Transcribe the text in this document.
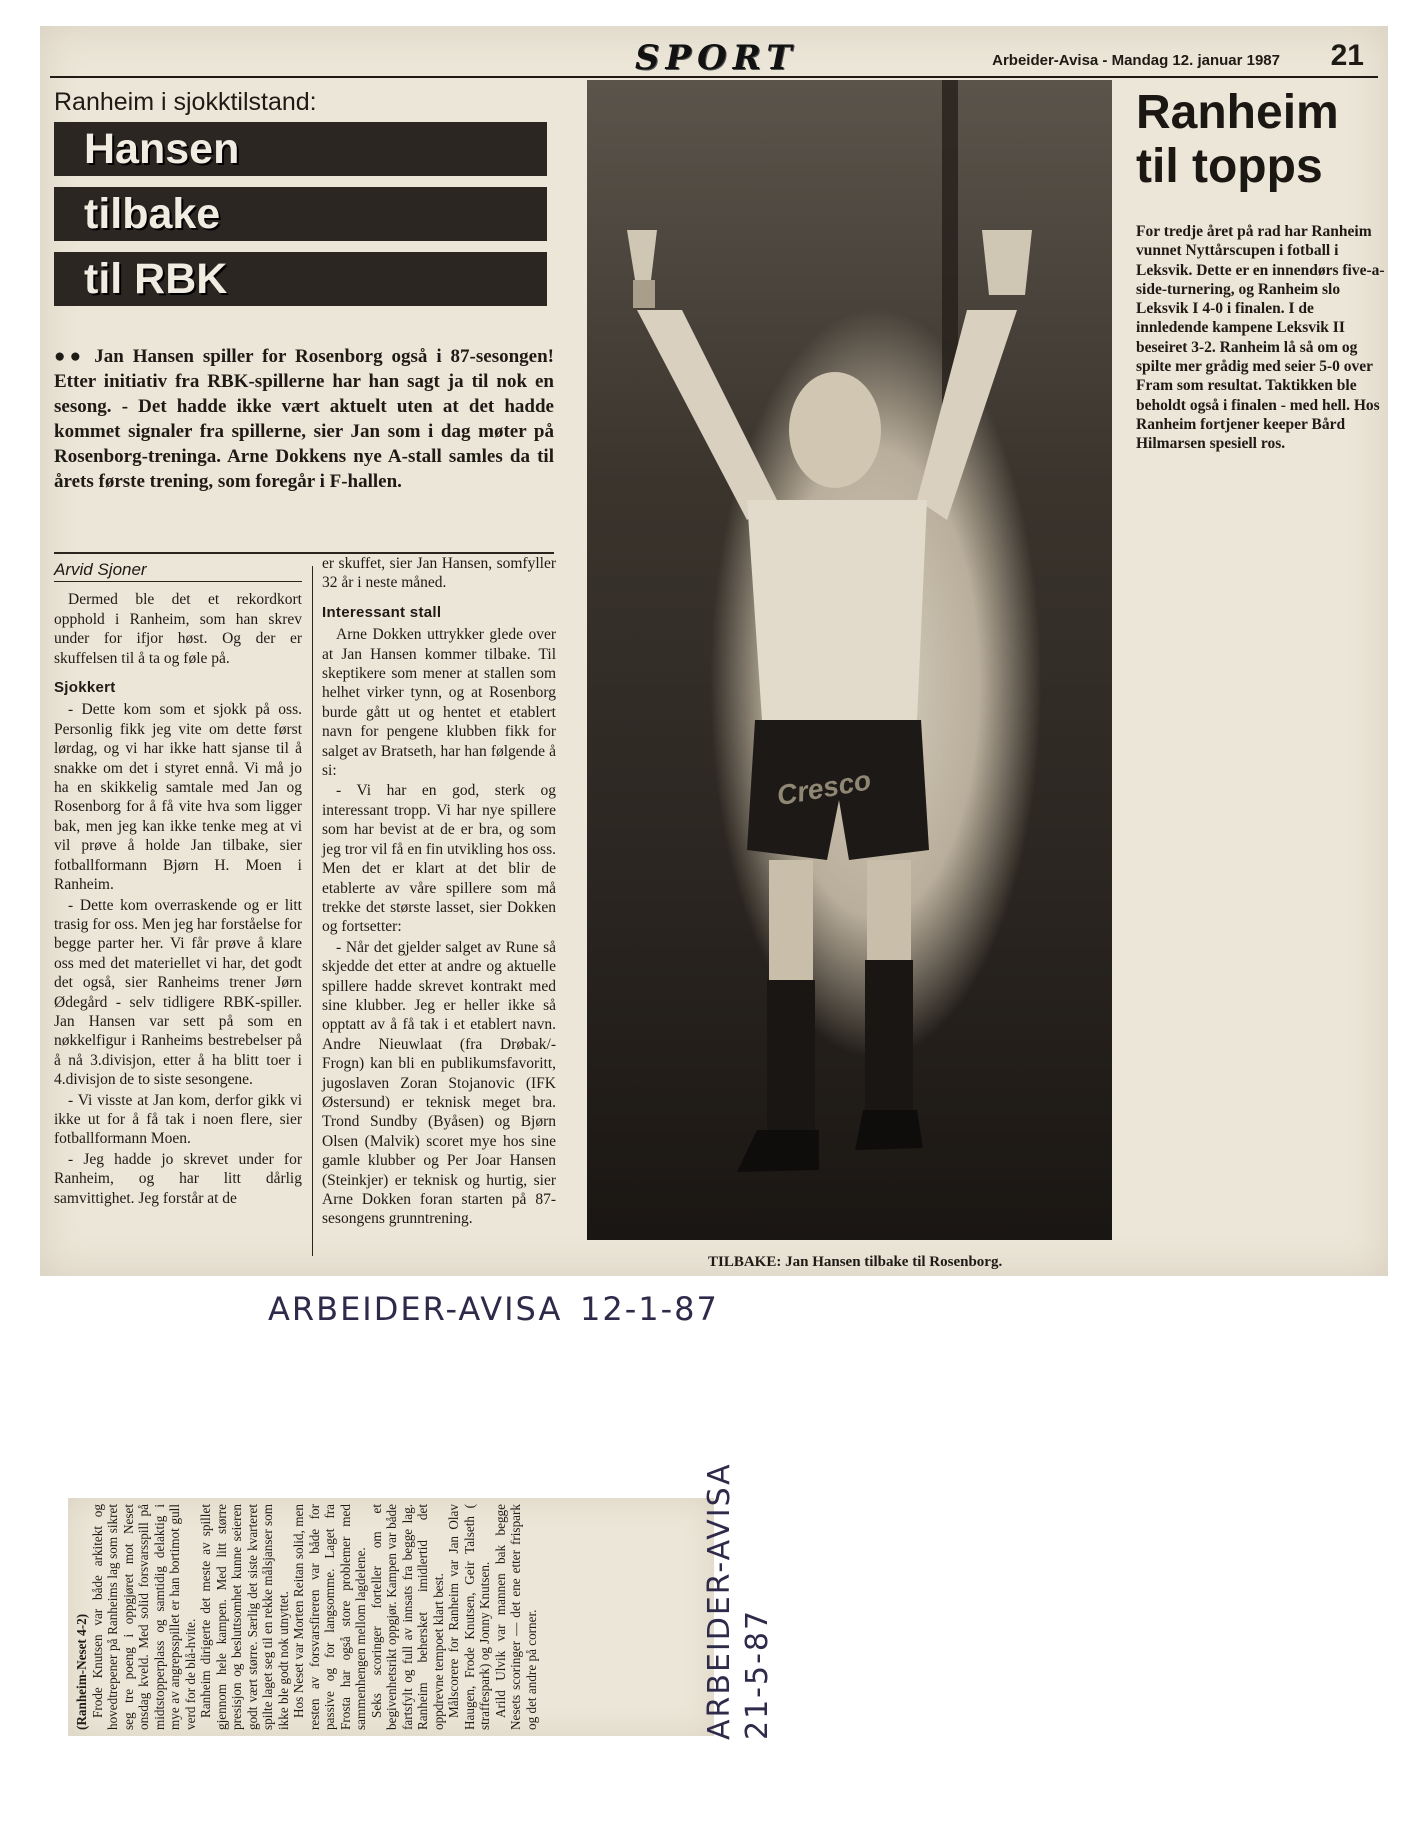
SPORT	Arbeider-Avisa - Mandag 12. januar 1987 21
Ranheim i sjokktilstand:
Hansen
tilbake
til RBK
●● Jan Hansen spiller for Rosenborg også i 87-sesongen! Etter initiativ fra RBK-spillerne har han sagt ja til nok en sesong. - Det hadde ikke vært aktuelt uten at det hadde kommet signaler fra spillerne, sier Jan som i dag møter på Rosenborg-treninga. Arne Dokkens nye A-stall samles da til årets første trening, som foregår i F-hallen.
Arvid Sjoner

Dermed ble det et rekordkort opphold i Ranheim, som han skrev under for ifjor høst. Og der er skuffelsen til å ta og føle på.

Sjokkert

- Dette kom som et sjokk på oss. Personlig fikk jeg vite om dette først lørdag, og vi har ikke hatt sjanse til å snakke om det i styret ennå. Vi må jo ha en skikkelig samtale med Jan og Rosenborg for å få vite hva som ligger bak, men jeg kan ikke tenke meg at vi vil prøve å holde Jan tilbake, sier fotballformann Bjørn H. Moen i Ranheim.

- Dette kom overraskende og er litt trasig for oss. Men jeg har forståelse for begge parter her. Vi får prøve å klare oss med det materiellet vi har, det godt det også, sier Ranheims trener Jørn Ødegård - selv tidligere RBK-spiller. Jan Hansen var sett på som en nøkkelfigur i Ranheims bestrebelser på å nå 3.divisjon, etter å ha blitt toer i 4.divisjon de to siste sesongene.

- Vi visste at Jan kom, derfor gikk vi ikke ut for å få tak i noen flere, sier fotballformann Moen.

- Jeg hadde jo skrevet under for Ranheim, og har litt dårlig samvittighet. Jeg forstår at de

er skuffet, sier Jan Hansen, somfyller 32 år i neste måned.

Interessant stall

Arne Dokken uttrykker glede over at Jan Hansen kommer tilbake. Til skeptikere som mener at stallen som helhet virker tynn, og at Rosenborg burde gått ut og hentet et etablert navn for pengene klubben fikk for salget av Bratseth, har han følgende å si:

- Vi har en god, sterk og interessant tropp. Vi har nye spillere som har bevist at de er bra, og som jeg tror vil få en fin utvikling hos oss. Men det er klart at det blir de etablerte av våre spillere som må trekke det største lasset, sier Dokken og fortsetter:

- Når det gjelder salget av Rune så skjedde det etter at andre og aktuelle spillere hadde skrevet kontrakt med sine klubber. Jeg er heller ikke så opptatt av å få tak i et etablert navn. Andre Nieuwlaat (fra Drøbak/-Frogn) kan bli en publikumsfavoritt, jugoslaven Zoran Stojanovic (IFK Østersund) er teknisk meget bra. Trond Sundby (Byåsen) og Bjørn Olsen (Malvik) scoret mye hos sine gamle klubber og Per Joar Hansen (Steinkjer) er teknisk og hurtig, sier Arne Dokken foran starten på 87-sesongens grunntrening.

Cresco
TILBAKE: Jan Hansen tilbake til Rosenborg.
Ranheim
til topps
For tredje året på rad har Ranheim vunnet Nyttårscupen i fotball i Leksvik. Dette er en innendørs five-a-side-turnering, og Ranheim slo Leksvik I 4-0 i finalen. I de innledende kampene Leksvik II beseiret 3-2. Ranheim lå så om og spilte mer grådig med seier 5-0 over Fram som resultat. Taktikken ble beholdt også i finalen - med hell. Hos Ranheim fortjener keeper Bård Hilmarsen spesiell ros.
ARBEIDER-AVISA 12-1-87

(Ranheim-Neset 4-2) Frode Knutsen var både arkitekt og hovedtrepener på Ranheims lag som sikret seg tre poeng i oppgjøret mot Neset onsdag kveld. Med solid forsvarsspill på midtstopperplass og samtidig delaktig i mye av angrepsspillet er han bortimot gull verd for de blå-hvite. Ranheim dirigerte det meste av spillet gjennom hele kampen. Med litt større presisjon og besluttsomhet kunne seieren godt vært større. Særlig det siste kvarteret spilte laget seg til en rekke målsjanser som ikke ble godt nok utnyttet. Hos Neset var Morten Reitan solid, men resten av forsvarsfireren var både for passive og for langsomme. Laget fra Frosta har også store problemer med sammenhengen mellom lagdelene. Seks scoringer forteller om et begivenhetsrikt oppgjør. Kampen var både fartsfylt og full av innsats fra begge lag. Ranheim behersket imidlertid det oppdrevne tempoet klart best. Målscorere for Ranheim var Jan Olav Haugen, Frode Knutsen, Geir Talseth ( straffespark) og Jonny Knutsen. Arild Ulvik var mannen bak begge Nesets scoringer — det ene etter frispark og det andre på corner.	ARBEIDER-AVISA 21-5-87
